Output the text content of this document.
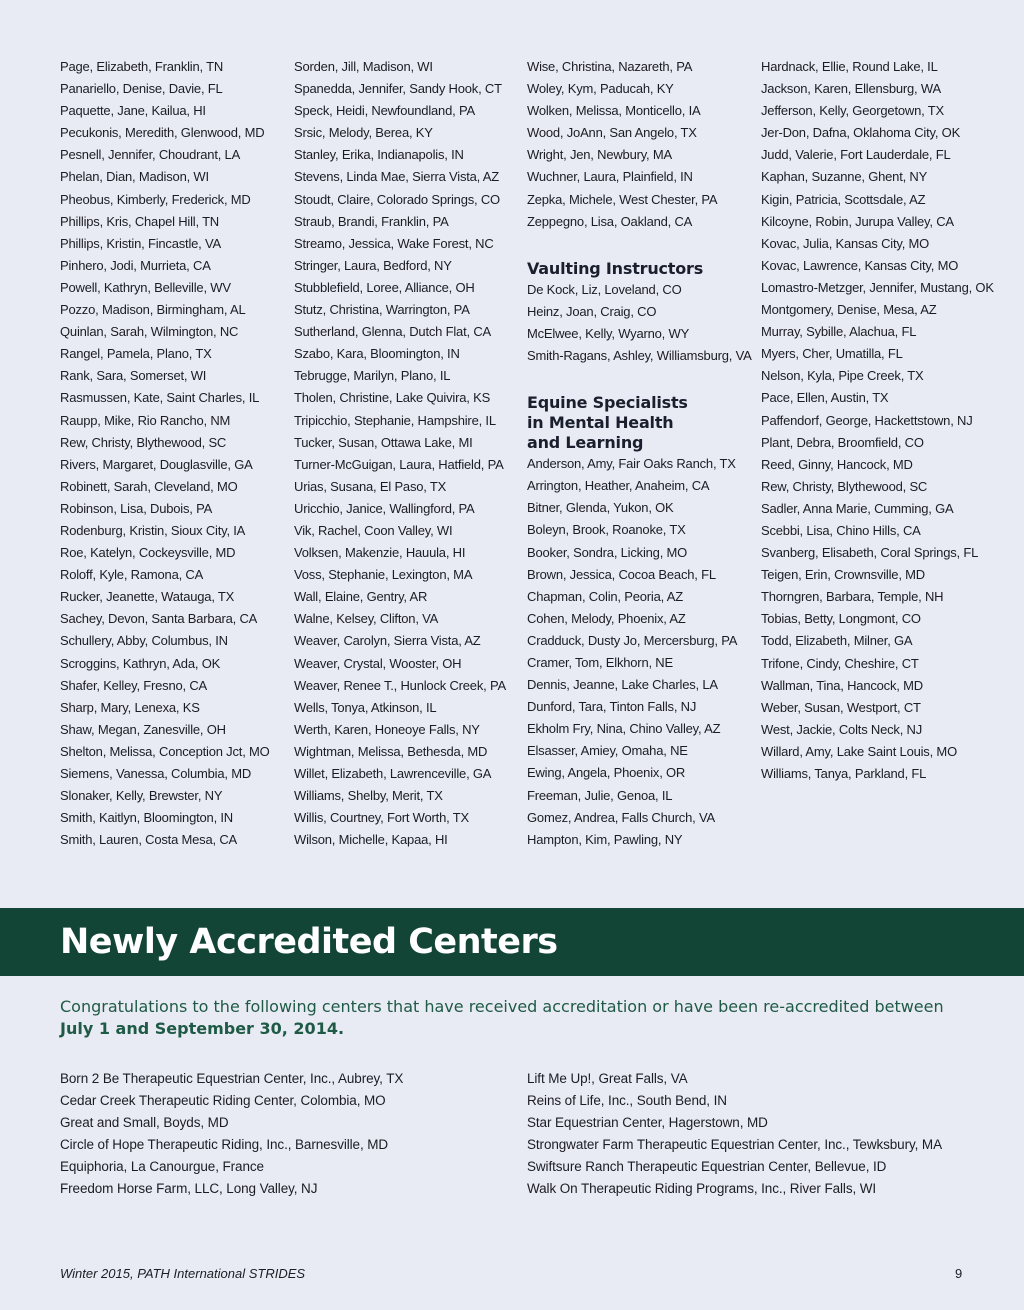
Page, Elizabeth, Franklin, TN
Panariello, Denise, Davie, FL
Paquette, Jane, Kailua, HI
Pecukonis, Meredith, Glenwood, MD
Pesnell, Jennifer, Choudrant, LA
Phelan, Dian, Madison, WI
Pheobus, Kimberly, Frederick, MD
Phillips, Kris, Chapel Hill, TN
Phillips, Kristin, Fincastle, VA
Pinhero, Jodi, Murrieta, CA
Powell, Kathryn, Belleville, WV
Pozzo, Madison, Birmingham, AL
Quinlan, Sarah, Wilmington, NC
Rangel, Pamela, Plano, TX
Rank, Sara, Somerset, WI
Rasmussen, Kate, Saint Charles, IL
Raupp, Mike, Rio Rancho, NM
Rew, Christy, Blythewood, SC
Rivers, Margaret, Douglasville, GA
Robinett, Sarah, Cleveland, MO
Robinson, Lisa, Dubois, PA
Rodenburg, Kristin, Sioux City, IA
Roe, Katelyn, Cockeysville, MD
Roloff, Kyle, Ramona, CA
Rucker, Jeanette, Watauga, TX
Sachey, Devon, Santa Barbara, CA
Schullery, Abby, Columbus, IN
Scroggins, Kathryn, Ada, OK
Shafer, Kelley, Fresno, CA
Sharp, Mary, Lenexa, KS
Shaw, Megan, Zanesville, OH
Shelton, Melissa, Conception Jct, MO
Siemens, Vanessa, Columbia, MD
Slonaker, Kelly, Brewster, NY
Smith, Kaitlyn, Bloomington, IN
Smith, Lauren, Costa Mesa, CA
Sorden, Jill, Madison, WI
Spanedda, Jennifer, Sandy Hook, CT
Speck, Heidi, Newfoundland, PA
Srsic, Melody, Berea, KY
Stanley, Erika, Indianapolis, IN
Stevens, Linda Mae, Sierra Vista, AZ
Stoudt, Claire, Colorado Springs, CO
Straub, Brandi, Franklin, PA
Streamo, Jessica, Wake Forest, NC
Stringer, Laura, Bedford, NY
Stubblefield, Loree, Alliance, OH
Stutz, Christina, Warrington, PA
Sutherland, Glenna, Dutch Flat, CA
Szabo, Kara, Bloomington, IN
Tebrugge, Marilyn, Plano, IL
Tholen, Christine, Lake Quivira, KS
Tripicchio, Stephanie, Hampshire, IL
Tucker, Susan, Ottawa Lake, MI
Turner-McGuigan, Laura, Hatfield, PA
Urias, Susana, El Paso, TX
Uricchio, Janice, Wallingford, PA
Vik, Rachel, Coon Valley, WI
Volksen, Makenzie, Hauula, HI
Voss, Stephanie, Lexington, MA
Wall, Elaine, Gentry, AR
Walne, Kelsey, Clifton, VA
Weaver, Carolyn, Sierra Vista, AZ
Weaver, Crystal, Wooster, OH
Weaver, Renee T., Hunlock Creek, PA
Wells, Tonya, Atkinson, IL
Werth, Karen, Honeoye Falls, NY
Wightman, Melissa, Bethesda, MD
Willet, Elizabeth, Lawrenceville, GA
Williams, Shelby, Merit, TX
Willis, Courtney, Fort Worth, TX
Wilson, Michelle, Kapaa, HI
Wise, Christina, Nazareth, PA
Woley, Kym, Paducah, KY
Wolken, Melissa, Monticello, IA
Wood, JoAnn, San Angelo, TX
Wright, Jen, Newbury, MA
Wuchner, Laura, Plainfield, IN
Zepka, Michele, West Chester, PA
Zeppegno, Lisa, Oakland, CA
Vaulting Instructors
De Kock, Liz, Loveland, CO
Heinz, Joan, Craig, CO
McElwee, Kelly, Wyarno, WY
Smith-Ragans, Ashley, Williamsburg, VA
Equine Specialists
in Mental Health
and Learning
Anderson, Amy, Fair Oaks Ranch, TX
Arrington, Heather, Anaheim, CA
Bitner, Glenda, Yukon, OK
Boleyn, Brook, Roanoke, TX
Booker, Sondra, Licking, MO
Brown, Jessica, Cocoa Beach, FL
Chapman, Colin, Peoria, AZ
Cohen, Melody, Phoenix, AZ
Cradduck, Dusty Jo, Mercersburg, PA
Cramer, Tom, Elkhorn, NE
Dennis, Jeanne, Lake Charles, LA
Dunford, Tara, Tinton Falls, NJ
Ekholm Fry, Nina, Chino Valley, AZ
Elsasser, Amiey, Omaha, NE
Ewing, Angela, Phoenix, OR
Freeman, Julie, Genoa, IL
Gomez, Andrea, Falls Church, VA
Hampton, Kim, Pawling, NY
Hardnack, Ellie, Round Lake, IL
Jackson, Karen, Ellensburg, WA
Jefferson, Kelly, Georgetown, TX
Jer-Don, Dafna, Oklahoma City, OK
Judd, Valerie, Fort Lauderdale, FL
Kaphan, Suzanne, Ghent, NY
Kigin, Patricia, Scottsdale, AZ
Kilcoyne, Robin, Jurupa Valley, CA
Kovac, Julia, Kansas City, MO
Kovac, Lawrence, Kansas City, MO
Lomastro-Metzger, Jennifer, Mustang, OK
Montgomery, Denise, Mesa, AZ
Murray, Sybille, Alachua, FL
Myers, Cher, Umatilla, FL
Nelson, Kyla, Pipe Creek, TX
Pace, Ellen, Austin, TX
Paffendorf, George, Hackettstown, NJ
Plant, Debra, Broomfield, CO
Reed, Ginny, Hancock, MD
Rew, Christy, Blythewood, SC
Sadler, Anna Marie, Cumming, GA
Scebbi, Lisa, Chino Hills, CA
Svanberg, Elisabeth, Coral Springs, FL
Teigen, Erin, Crownsville, MD
Thorngren, Barbara, Temple, NH
Tobias, Betty, Longmont, CO
Todd, Elizabeth, Milner, GA
Trifone, Cindy, Cheshire, CT
Wallman, Tina, Hancock, MD
Weber, Susan, Westport, CT
West, Jackie, Colts Neck, NJ
Willard, Amy, Lake Saint Louis, MO
Williams, Tanya, Parkland, FL
Newly Accredited Centers
Congratulations to the following centers that have received accreditation or have been re-accredited between
July 1 and September 30, 2014.
Born 2 Be Therapeutic Equestrian Center, Inc., Aubrey, TX
Cedar Creek Therapeutic Riding Center, Colombia, MO
Great and Small, Boyds, MD
Circle of Hope Therapeutic Riding, Inc., Barnesville, MD
Equiphoria, La Canourgue, France
Freedom Horse Farm, LLC, Long Valley, NJ
Lift Me Up!, Great Falls, VA
Reins of Life, Inc., South Bend, IN
Star Equestrian Center, Hagerstown, MD
Strongwater Farm Therapeutic Equestrian Center, Inc., Tewksbury, MA
Swiftsure Ranch Therapeutic Equestrian Center, Bellevue, ID
Walk On Therapeutic Riding Programs, Inc., River Falls, WI
Winter 2015, PATH International STRIDES	9
